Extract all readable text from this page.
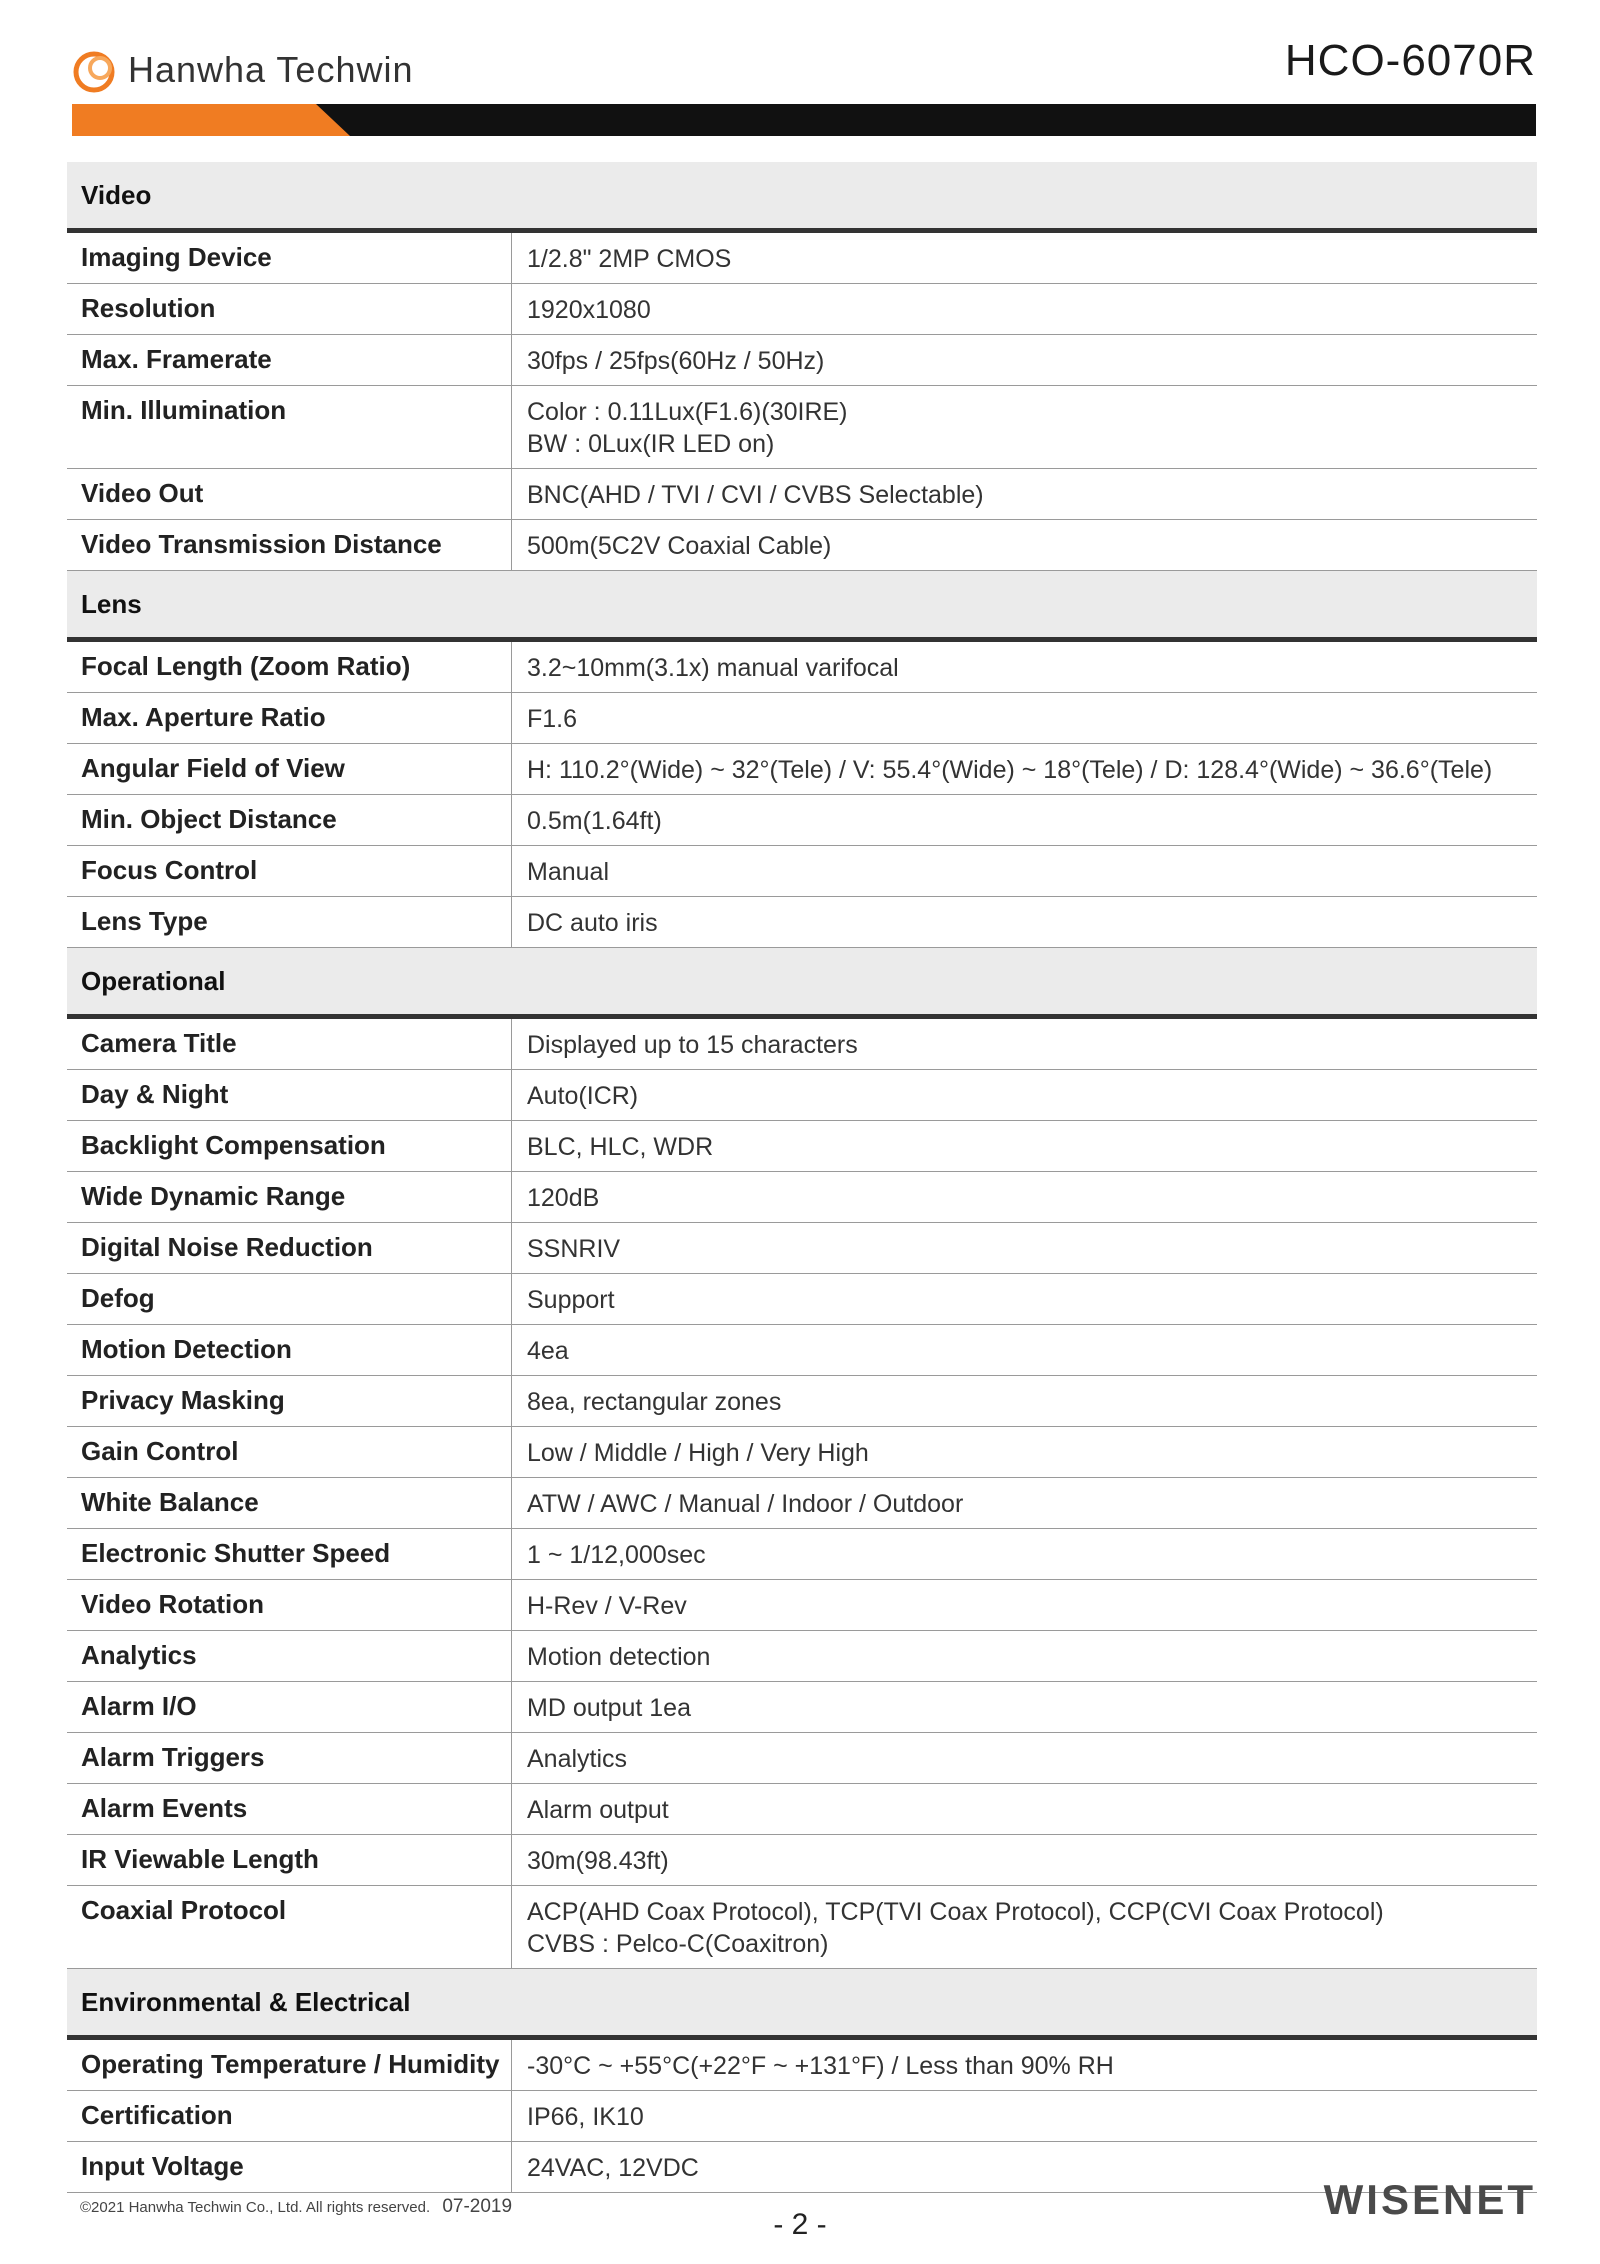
Hanwha Techwin	HCO-6070R
Video
Imaging Device	1/2.8" 2MP CMOS
Resolution	1920x1080
Max. Framerate	30fps / 25fps(60Hz / 50Hz)
Min. Illumination	Color : 0.11Lux(F1.6)(30IRE)
BW : 0Lux(IR LED on)
Video Out	BNC(AHD / TVI / CVI / CVBS Selectable)
Video Transmission Distance	500m(5C2V Coaxial Cable)
Lens
Focal Length (Zoom Ratio)	3.2~10mm(3.1x) manual varifocal
Max. Aperture Ratio	F1.6
Angular Field of View	H: 110.2°(Wide) ~ 32°(Tele) / V: 55.4°(Wide) ~ 18°(Tele) / D: 128.4°(Wide) ~ 36.6°(Tele)
Min. Object Distance	0.5m(1.64ft)
Focus Control	Manual
Lens Type	DC auto iris
Operational
Camera Title	Displayed up to 15 characters
Day & Night	Auto(ICR)
Backlight Compensation	BLC, HLC, WDR
Wide Dynamic Range	120dB
Digital Noise Reduction	SSNRIV
Defog	Support
Motion Detection	4ea
Privacy Masking	8ea, rectangular zones
Gain Control	Low / Middle / High / Very High
White Balance	ATW / AWC / Manual / Indoor / Outdoor
Electronic Shutter Speed	1 ~ 1/12,000sec
Video Rotation	H-Rev / V-Rev
Analytics	Motion detection
Alarm I/O	MD output 1ea
Alarm Triggers	Analytics
Alarm Events	Alarm output
IR Viewable Length	30m(98.43ft)
Coaxial Protocol	ACP(AHD Coax Protocol), TCP(TVI Coax Protocol), CCP(CVI Coax Protocol)
CVBS : Pelco-C(Coaxitron)
Environmental & Electrical
Operating Temperature / Humidity	-30°C ~ +55°C(+22°F ~ +131°F) / Less than 90% RH
Certification	IP66, IK10
Input Voltage	24VAC, 12VDC
©2021 Hanwha Techwin Co., Ltd. All rights reserved. 07-2019
- 2 -
WISENET
